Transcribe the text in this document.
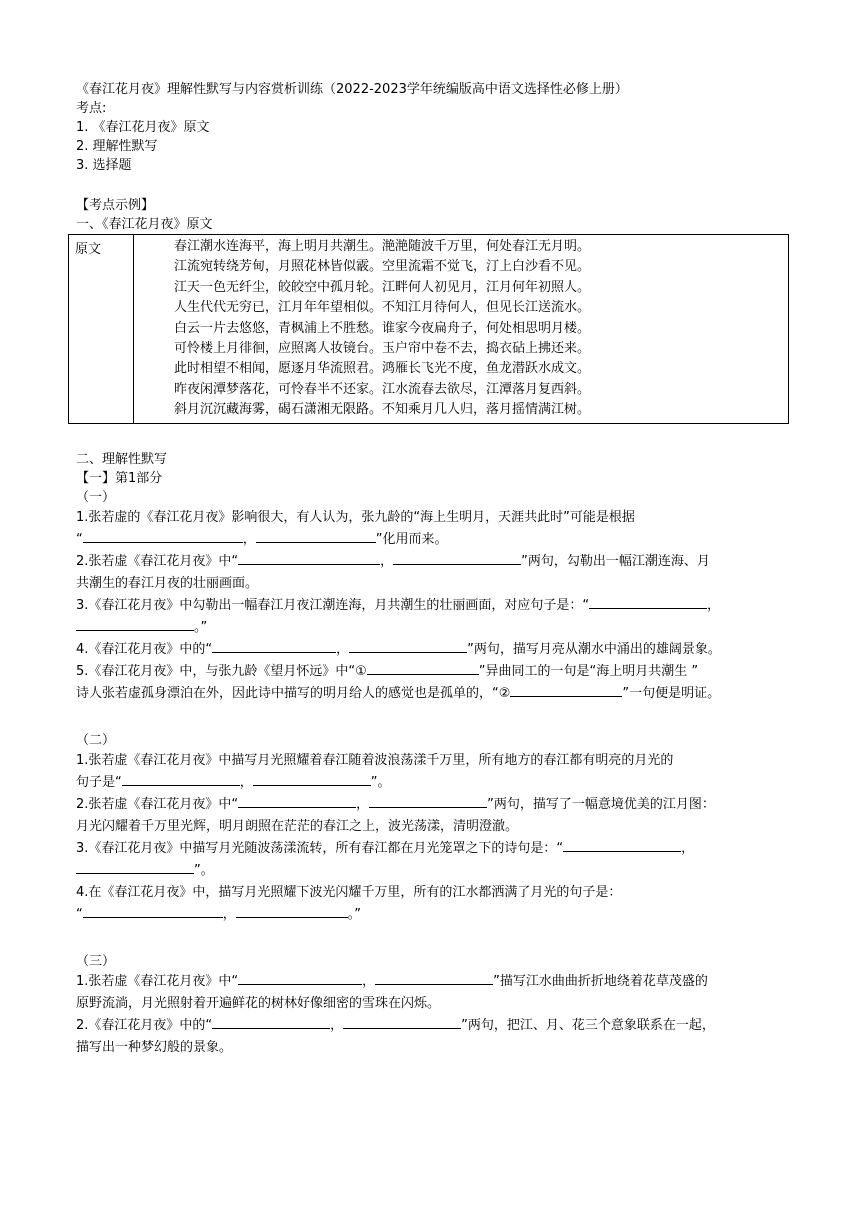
《春江花月夜》理解性默写与内容赏析训练（2022-2023学年统编版高中语文选择性必修上册）
考点:
1. 《春江花月夜》原文
2. 理解性默写
3. 选择题
【考点示例】
一、《春江花月夜》原文
原文	春江潮水连海平，海上明月共潮生。滟滟随波千万里，何处春江无月明。
江流宛转绕芳甸，月照花林皆似霰。空里流霜不觉飞，汀上白沙看不见。
江天一色无纤尘，皎皎空中孤月轮。江畔何人初见月，江月何年初照人。
人生代代无穷已，江月年年望相似。不知江月待何人，但见长江送流水。
白云一片去悠悠，青枫浦上不胜愁。谁家今夜扁舟子，何处相思明月楼。
可怜楼上月徘徊，应照离人妆镜台。玉户帘中卷不去，捣衣砧上拂还来。
此时相望不相闻，愿逐月华流照君。鸿雁长飞光不度，鱼龙潜跃水成文。
昨夜闲潭梦落花，可怜春半不还家。江水流春去欲尽，江潭落月复西斜。
斜月沉沉藏海雾，碣石潇湘无限路。不知乘月几人归，落月摇情满江树。
二、理解性默写
【一】第1部分
（一）
1.张若虚的《春江花月夜》影响很大，有人认为，张九龄的“海上生明月，天涯共此时”可能是根据
“	，	”化用而来。
2.张若虚《春江花月夜》中“	，	”两句，勾勒出一幅江潮连海、月
共潮生的春江月夜的壮丽画面。
3.《春江花月夜》中勾勒出一幅春江月夜江潮连海，月共潮生的壮丽画面，对应句子是：“	，
。”
4.《春江花月夜》中的“	，	”两句，描写月亮从潮水中涌出的雄阔景象。
5.《春江花月夜》中，与张九龄《望月怀远》中“①	”异曲同工的一句是“海上明月共潮生 ”
诗人张若虚孤身漂泊在外，因此诗中描写的明月给人的感觉也是孤单的，“②	”一句便是明证。
（二）
1.张若虚《春江花月夜》中描写月光照耀着春江随着波浪荡漾千万里，所有地方的春江都有明亮的月光的
句子是“	，	”。
2.张若虚《春江花月夜》中“	，	”两句，描写了一幅意境优美的江月图：
月光闪耀着千万里光辉，明月朗照在茫茫的春江之上，波光荡漾，清明澄澈。
3.《春江花月夜》中描写月光随波荡漾流转，所有春江都在月光笼罩之下的诗句是：“	，
”。
4.在《春江花月夜》中，描写月光照耀下波光闪耀千万里，所有的江水都洒满了月光的句子是：
“	，	。”
（三）
1.张若虚《春江花月夜》中“	，	”描写江水曲曲折折地绕着花草茂盛的
原野流淌，月光照射着开遍鲜花的树林好像细密的雪珠在闪烁。
2.《春江花月夜》中的“	，	”两句，把江、月、花三个意象联系在一起，
描写出一种梦幻般的景象。
